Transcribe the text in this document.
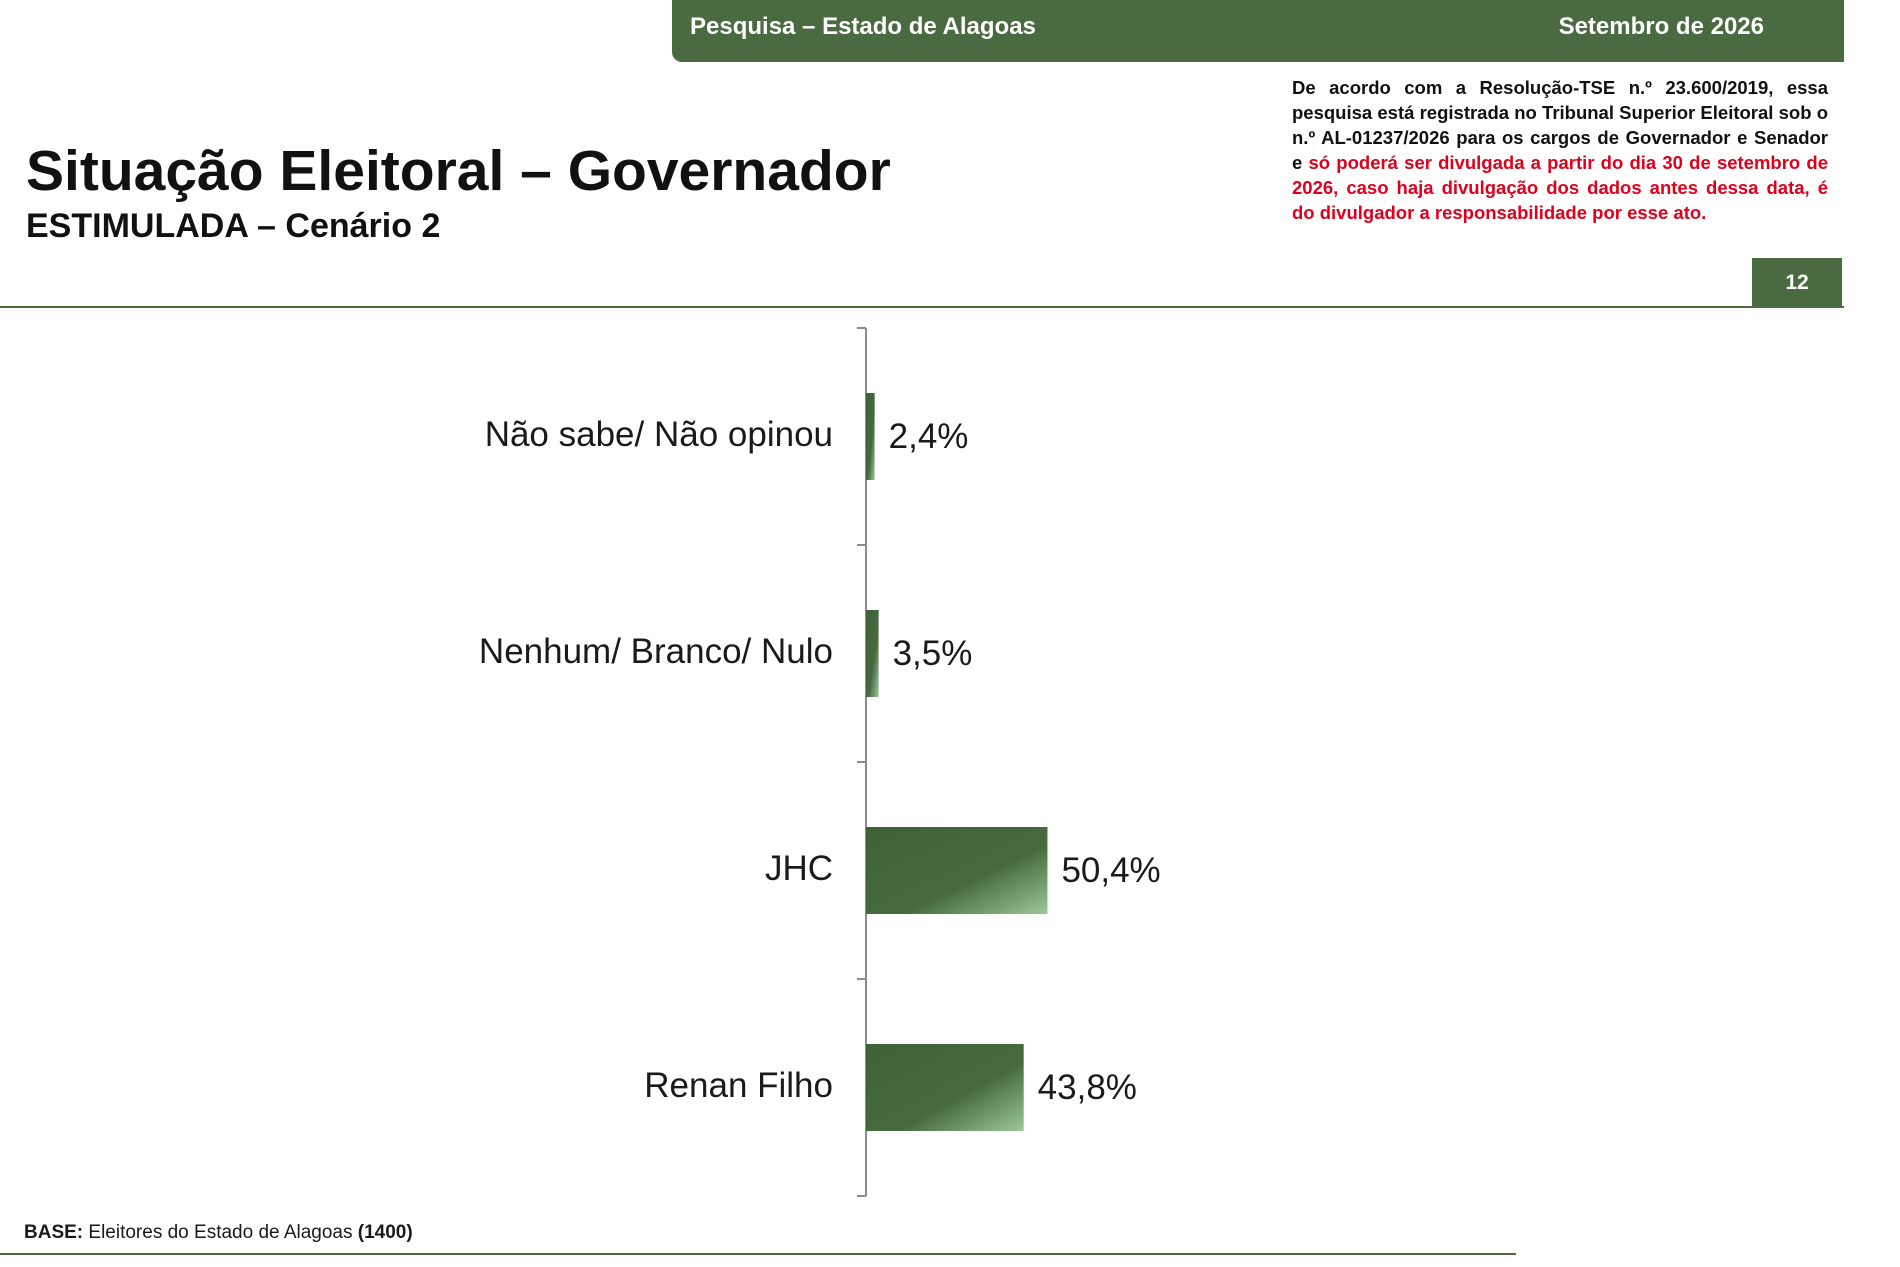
Pesquisa – Estado de Alagoas	Setembro de 2026
Situação Eleitoral – Governador
ESTIMULADA – Cenário 2
De acordo com a Resolução-TSE n.º 23.600/2019, essa pesquisa está registrada no Tribunal Superior Eleitoral sob o n.º AL-01237/2026 para os cargos de Governador e Senador e só poderá ser divulgada a partir do dia 30 de setembro de 2026, caso haja divulgação dos dados antes dessa data, é do divulgador a responsabilidade por esse ato.
12
Não sabe/ Não opinou 2,4%
Nenhum/ Branco/ Nulo 3,5%
JHC	50,4%
Renan Filho	43,8%
BASE: Eleitores do Estado de Alagoas (1400)
